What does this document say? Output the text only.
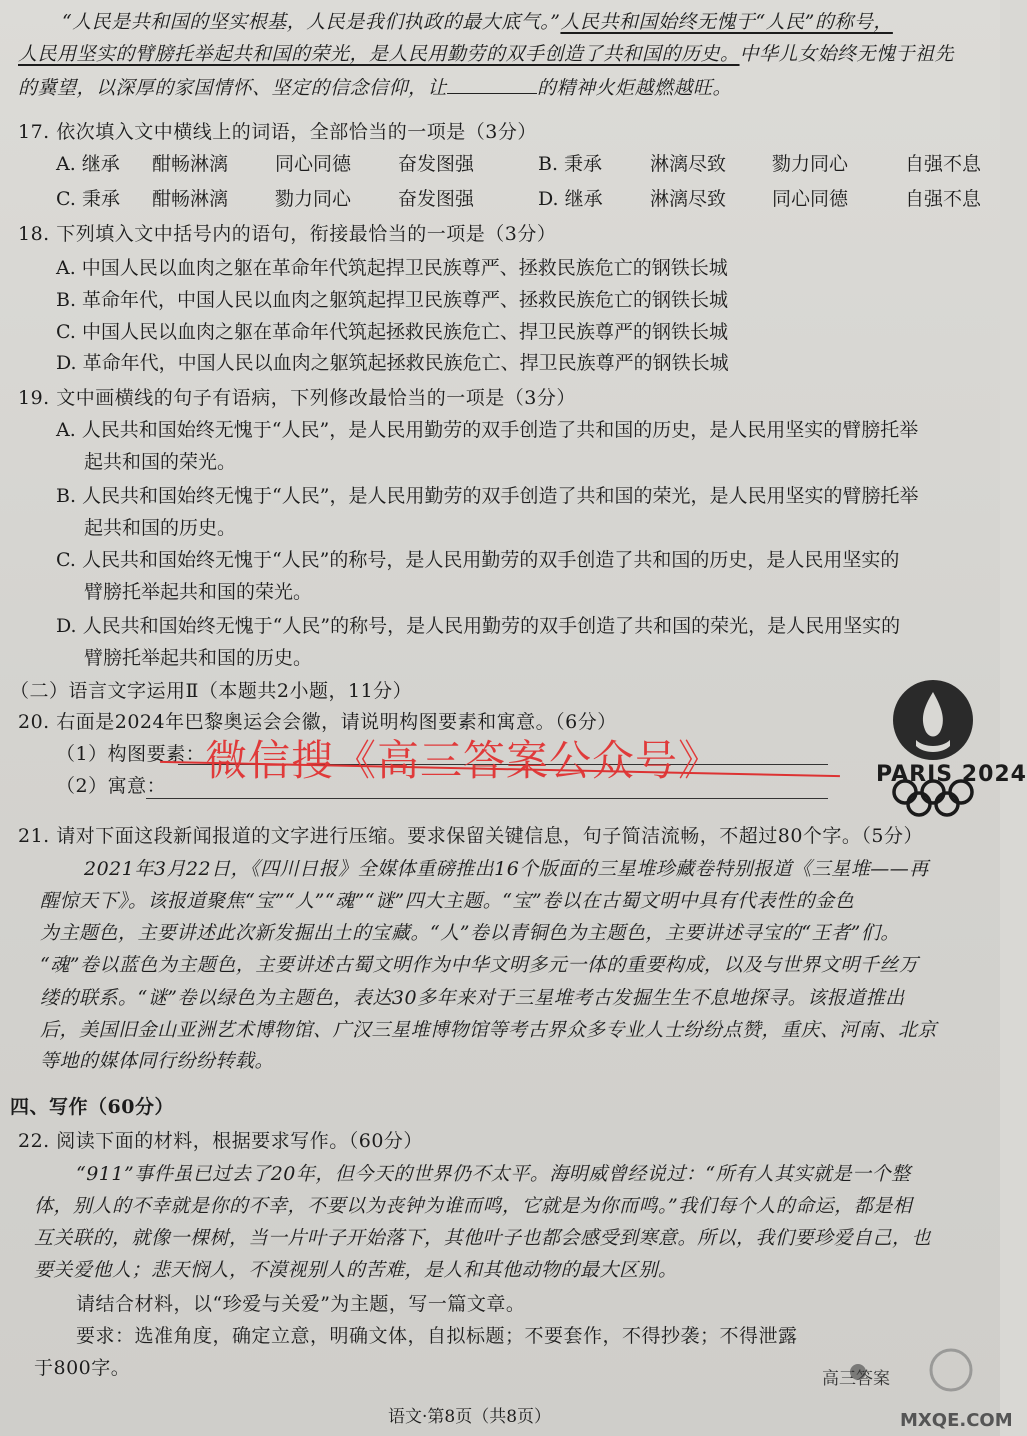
“人民是共和国的坚实根基，人民是我们执政的最大底气。”人民共和国始终无愧于“人民”的称号，
人民用坚实的臂膀托举起共和国的荣光，是人民用勤劳的双手创造了共和国的历史。中华儿女始终无愧于祖先
的冀望，以深厚的家国情怀、坚定的信念信仰，让	的精神火炬越燃越旺。
17. 依次填入文中横线上的词语，全部恰当的一项是（3分）
A. 继承 酣畅淋漓 同心同德 奋发图强	B. 秉承	淋漓尽致 勠力同心	自强不息
C. 秉承 酣畅淋漓 勠力同心 奋发图强	D. 继承 淋漓尽致 同心同德	自强不息
18. 下列填入文中括号内的语句，衔接最恰当的一项是（3分）
A. 中国人民以血肉之躯在革命年代筑起捍卫民族尊严、拯救民族危亡的钢铁长城
B. 革命年代，中国人民以血肉之躯筑起捍卫民族尊严、拯救民族危亡的钢铁长城
C. 中国人民以血肉之躯在革命年代筑起拯救民族危亡、捍卫民族尊严的钢铁长城
D. 革命年代，中国人民以血肉之躯筑起拯救民族危亡、捍卫民族尊严的钢铁长城
19. 文中画横线的句子有语病，下列修改最恰当的一项是（3分）
A. 人民共和国始终无愧于“人民”，是人民用勤劳的双手创造了共和国的历史，是人民用坚实的臂膀托举
起共和国的荣光。
B. 人民共和国始终无愧于“人民”，是人民用勤劳的双手创造了共和国的荣光，是人民用坚实的臂膀托举
起共和国的历史。
C. 人民共和国始终无愧于“人民”的称号，是人民用勤劳的双手创造了共和国的历史，是人民用坚实的
臂膀托举起共和国的荣光。
D. 人民共和国始终无愧于“人民”的称号，是人民用勤劳的双手创造了共和国的荣光，是人民用坚实的
臂膀托举起共和国的历史。
（二）语言文字运用Ⅱ（本题共2小题，11分）
20. 右面是2024年巴黎奥运会会徽，请说明构图要素和寓意。（6分）
（1）构图要素：
（2）寓意：
微信搜《高三答案公众号》	PARIS 2024
21. 请对下面这段新闻报道的文字进行压缩。要求保留关键信息，句子简洁流畅，不超过80个字。（5分）
2021年3月22日，《四川日报》全媒体重磅推出16个版面的三星堆珍藏卷特别报道《三星堆——再
醒惊天下》。该报道聚焦“宝”“人”“魂”“谜”四大主题。“宝”卷以在古蜀文明中具有代表性的金色
为主题色，主要讲述此次新发掘出土的宝藏。“人”卷以青铜色为主题色，主要讲述寻宝的“王者”们。
“魂”卷以蓝色为主题色，主要讲述古蜀文明作为中华文明多元一体的重要构成，以及与世界文明千丝万
缕的联系。“谜”卷以绿色为主题色，表达30多年来对于三星堆考古发掘生生不息地探寻。该报道推出
后，美国旧金山亚洲艺术博物馆、广汉三星堆博物馆等考古界众多专业人士纷纷点赞，重庆、河南、北京
等地的媒体同行纷纷转载。
四、写作（60分）
22. 阅读下面的材料，根据要求写作。（60分）
“911”事件虽已过去了20年，但今天的世界仍不太平。海明威曾经说过：“所有人其实就是一个整
体，别人的不幸就是你的不幸，不要以为丧钟为谁而鸣，它就是为你而鸣。”我们每个人的命运，都是相
互关联的，就像一棵树，当一片叶子开始落下，其他叶子也都会感受到寒意。所以，我们要珍爱自己，也
要关爱他人；悲天悯人，不漠视别人的苦难，是人和其他动物的最大区别。
请结合材料，以“珍爱与关爱”为主题，写一篇文章。
要求：选准角度，确定立意，明确文体，自拟标题；不要套作，不得抄袭；不得泄露
于800字。	高三答案
MXQE.COM
语文·第8页（共8页）
